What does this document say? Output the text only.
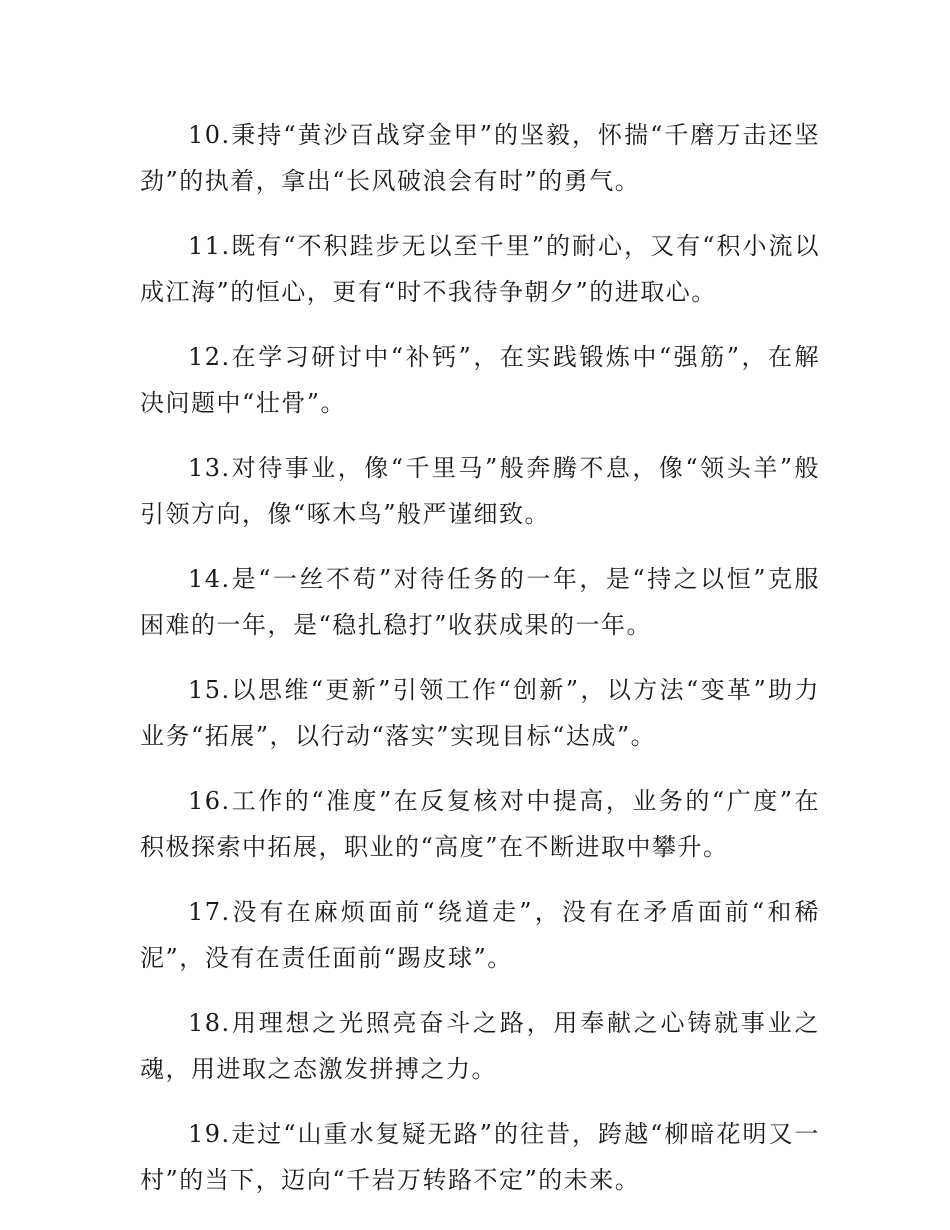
10.秉持“黄沙百战穿金甲”的坚毅，怀揣“千磨万击还坚劲”的执着，拿出“长风破浪会有时”的勇气。

11.既有“不积跬步无以至千里”的耐心，又有“积小流以成江海”的恒心，更有“时不我待争朝夕”的进取心。

12.在学习研讨中“补钙”，在实践锻炼中“强筋”，在解决问题中“壮骨”。

13.对待事业，像“千里马”般奔腾不息，像“领头羊”般引领方向，像“啄木鸟”般严谨细致。

14.是“一丝不苟”对待任务的一年，是“持之以恒”克服困难的一年，是“稳扎稳打”收获成果的一年。

15.以思维“更新”引领工作“创新”，以方法“变革”助力业务“拓展”，以行动“落实”实现目标“达成”。

16.工作的“准度”在反复核对中提高，业务的“广度”在积极探索中拓展，职业的“高度”在不断进取中攀升。

17.没有在麻烦面前“绕道走”，没有在矛盾面前“和稀泥”，没有在责任面前“踢皮球”。

18.用理想之光照亮奋斗之路，用奉献之心铸就事业之魂，用进取之态激发拼搏之力。

19.走过“山重水复疑无路”的往昔，跨越“柳暗花明又一村”的当下，迈向“千岩万转路不定”的未来。
